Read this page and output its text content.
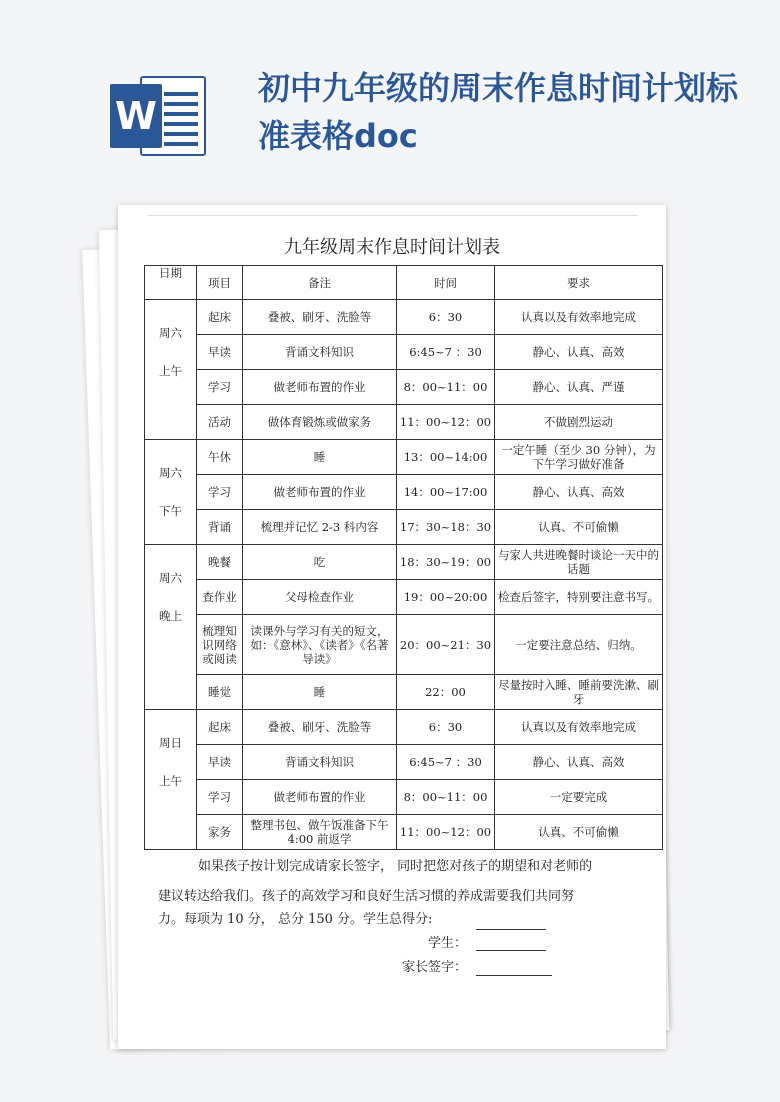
W
初中九年级的周末作息时间计划标准表格doc
九年级周末作息时间计划表
日期	项目	备注	时间	要求

周六
上午	起床	叠被、刷牙、洗脸等	6：30	认真以及有效率地完成
	早读	背诵文科知识	6:45~7 ：30	静心、认真、高效
	学习	做老师布置的作业	8：00~11：00	静心、认真、严谨
	活动	做体育锻炼或做家务	11：00~12：00	不做剧烈运动

周六
下午	午休	睡	13：00~14:00	一定午睡（至少 30 分钟），为下午学习做好准备
	学习	做老师布置的作业	14：00~17:00	静心、认真、高效
	背诵	梳理并记忆 2-3 科内容	17：30~18：30	认真、不可偷懒

周六
晚上	晚餐	吃	18：30~19：00	与家人共进晚餐时谈论一天中的话题
	查作业	父母检查作业	19：00~20:00	检查后签字，特别要注意书写。
	梳理知识网络或阅读	读课外与学习有关的短文，如：《意林》、《读者》《名著导读》	20：00~21：30	一定要注意总结、归纳。
	睡觉	睡	22：00	尽量按时入睡、睡前要洗漱、刷牙

周日
上午	起床	叠被、刷牙、洗脸等	6：30	认真以及有效率地完成
	早读	背诵文科知识	6:45~7 ：30	静心、认真、高效
	学习	做老师布置的作业	8：00~11：00	一定要完成
	家务	整理书包、做午饭准备下午 4:00 前返学	11：00~12：00	认真、不可偷懒
如果孩子按计划完成请家长签字， 同时把您对孩子的期望和对老师的
建议转达给我们。孩子的高效学习和良好生活习惯的养成需要我们共同努
力。每项为 10 分， 总分 150 分。学生总得分:
学生：
家长签字：
